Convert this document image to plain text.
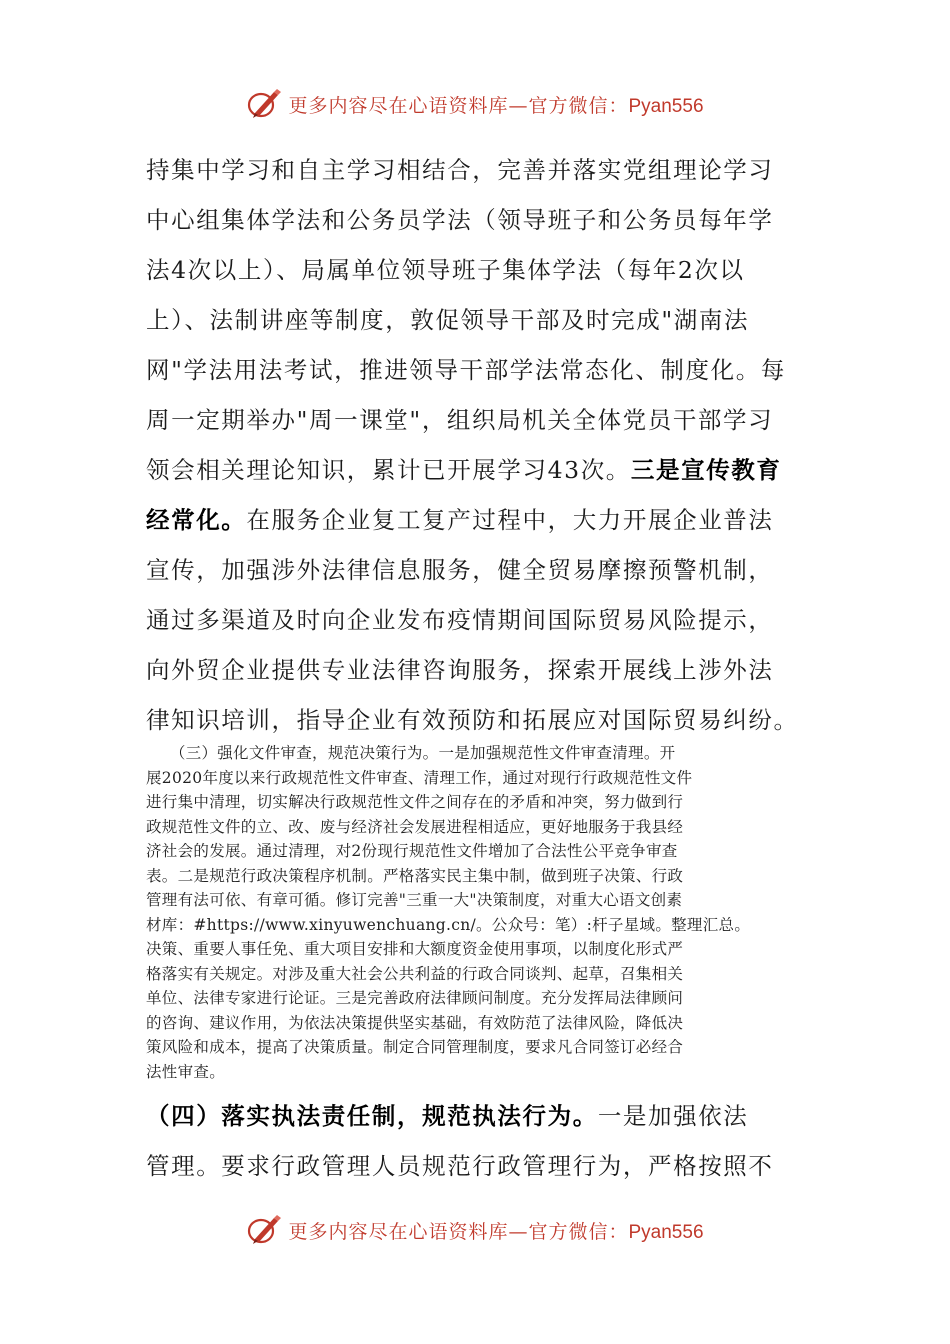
更多内容尽在心语资料库—官方微信：Pyan556
持集中学习和自主学习相结合，完善并落实党组理论学习
中心组集体学法和公务员学法（领导班子和公务员每年学
法4次以上）、局属单位领导班子集体学法（每年2次以
上）、法制讲座等制度，敦促领导干部及时完成"湖南法
网"学法用法考试，推进领导干部学法常态化、制度化。每
周一定期举办"周一课堂"，组织局机关全体党员干部学习
领会相关理论知识，累计已开展学习43次。三是宣传教育
经常化。在服务企业复工复产过程中，大力开展企业普法
宣传，加强涉外法律信息服务，健全贸易摩擦预警机制，
通过多渠道及时向企业发布疫情期间国际贸易风险提示，
向外贸企业提供专业法律咨询服务，探索开展线上涉外法
律知识培训，指导企业有效预防和拓展应对国际贸易纠纷。
　　（三）强化文件审查，规范决策行为。一是加强规范性文件审查清理。开
展2020年度以来行政规范性文件审查、清理工作，通过对现行行政规范性文件
进行集中清理，切实解决行政规范性文件之间存在的矛盾和冲突，努力做到行
政规范性文件的立、改、废与经济社会发展进程相适应，更好地服务于我县经
济社会的发展。通过清理，对2份现行规范性文件增加了合法性公平竞争审查
表。二是规范行政决策程序机制。严格落实民主集中制，做到班子决策、行政
管理有法可依、有章可循。修订完善"三重一大"决策制度，对重大心语文创素
材库：#https://www.xinyuwenchuang.cn/。公众号：笔）:杆子星域。整理汇总。
决策、重要人事任免、重大项目安排和大额度资金使用事项，以制度化形式严
格落实有关规定。对涉及重大社会公共利益的行政合同谈判、起草，召集相关
单位、法律专家进行论证。三是完善政府法律顾问制度。充分发挥局法律顾问
的咨询、建议作用，为依法决策提供坚实基础，有效防范了法律风险，降低决
策风险和成本，提高了决策质量。制定合同管理制度，要求凡合同签订必经合
法性审查。
（四）落实执法责任制，规范执法行为。一是加强依法
管理。要求行政管理人员规范行政管理行为，严格按照不
更多内容尽在心语资料库—官方微信：Pyan556
